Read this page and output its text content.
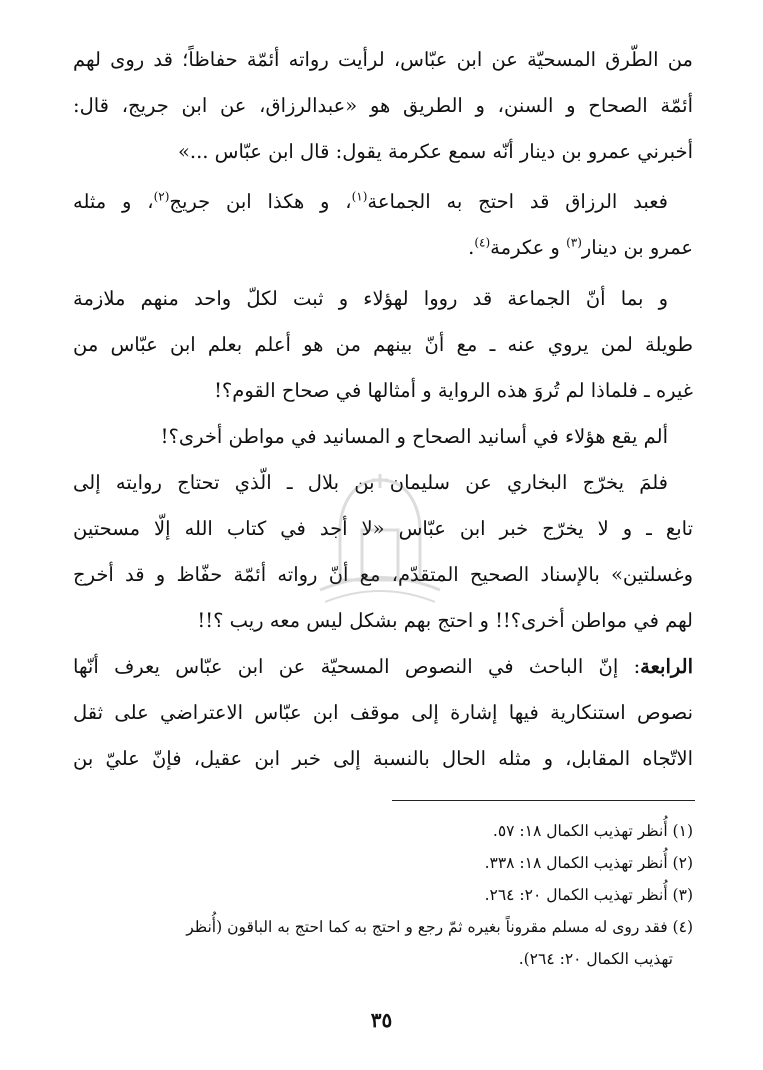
من الطّرق المسحيّة عن ابن عبّاس، لرأيت رواته أئمّة حفاظاً؛ قد روى لهم
أئمّة الصحاح و السنن، و الطريق هو «عبدالرزاق، عن ابن جريج، قال:
أخبرني عمرو بن دينار أنّه سمع عكرمة يقول: قال ابن عبّاس ...»
فعبد الرزاق قد احتج به الجماعة$^{(١)}$، و هكذا ابن جريج$^{(٢)}$، و مثله
عمرو بن دينار$^{(٣)}$ و عكرمة$^{(٤)}$.
و بما أنّ الجماعة قد رووا لهؤلاء و ثبت لكلّ واحد منهم ملازمة
طويلة لمن يروي عنه ـ مع أنّ بينهم من هو أعلم بعلم ابن عبّاس من
غيره ـ فلماذا لم تُروَ هذه الرواية و أمثالها في صحاح القوم؟!
ألم يقع هؤلاء في أسانيد الصحاح و المسانيد في مواطن أخرى؟!
فلمَ يخرّج البخاري عن سليمان بن بلال ـ الّذي تحتاج روايته إلى
تابع ـ و لا يخرّج خبر ابن عبّاس «لا أجد في كتاب الله إلّا مسحتين
وغسلتين» بالإسناد الصحيح المتقدّم، مع أنّ رواته أئمّة حفّاظ و قد أخرج
لهم في مواطن أخرى؟!! و احتج بهم بشكل ليس معه ريب ؟!!
الرابعة: إنّ الباحث في النصوص المسحيّة عن ابن عبّاس يعرف أنّها
نصوص استنكارية فيها إشارة إلى موقف ابن عبّاس الاعتراضي على ثقل
الاتّجاه المقابل، و مثله الحال بالنسبة إلى خبر ابن عقيل، فإنّ عليّ بن
(١) أُنظر تهذيب الكمال ١٨: ٥٧.
(٢) أُنظر تهذيب الكمال ١٨: ٣٣٨.
(٣) أُنظر تهذيب الكمال ٢٠: ٢٦٤.
(٤) فقد روى له مسلم مقروناً بغيره ثمّ رجع و احتج به كما احتج به الباقون (أُنظر
تهذيب الكمال ٢٠: ٢٦٤).
٣٥
